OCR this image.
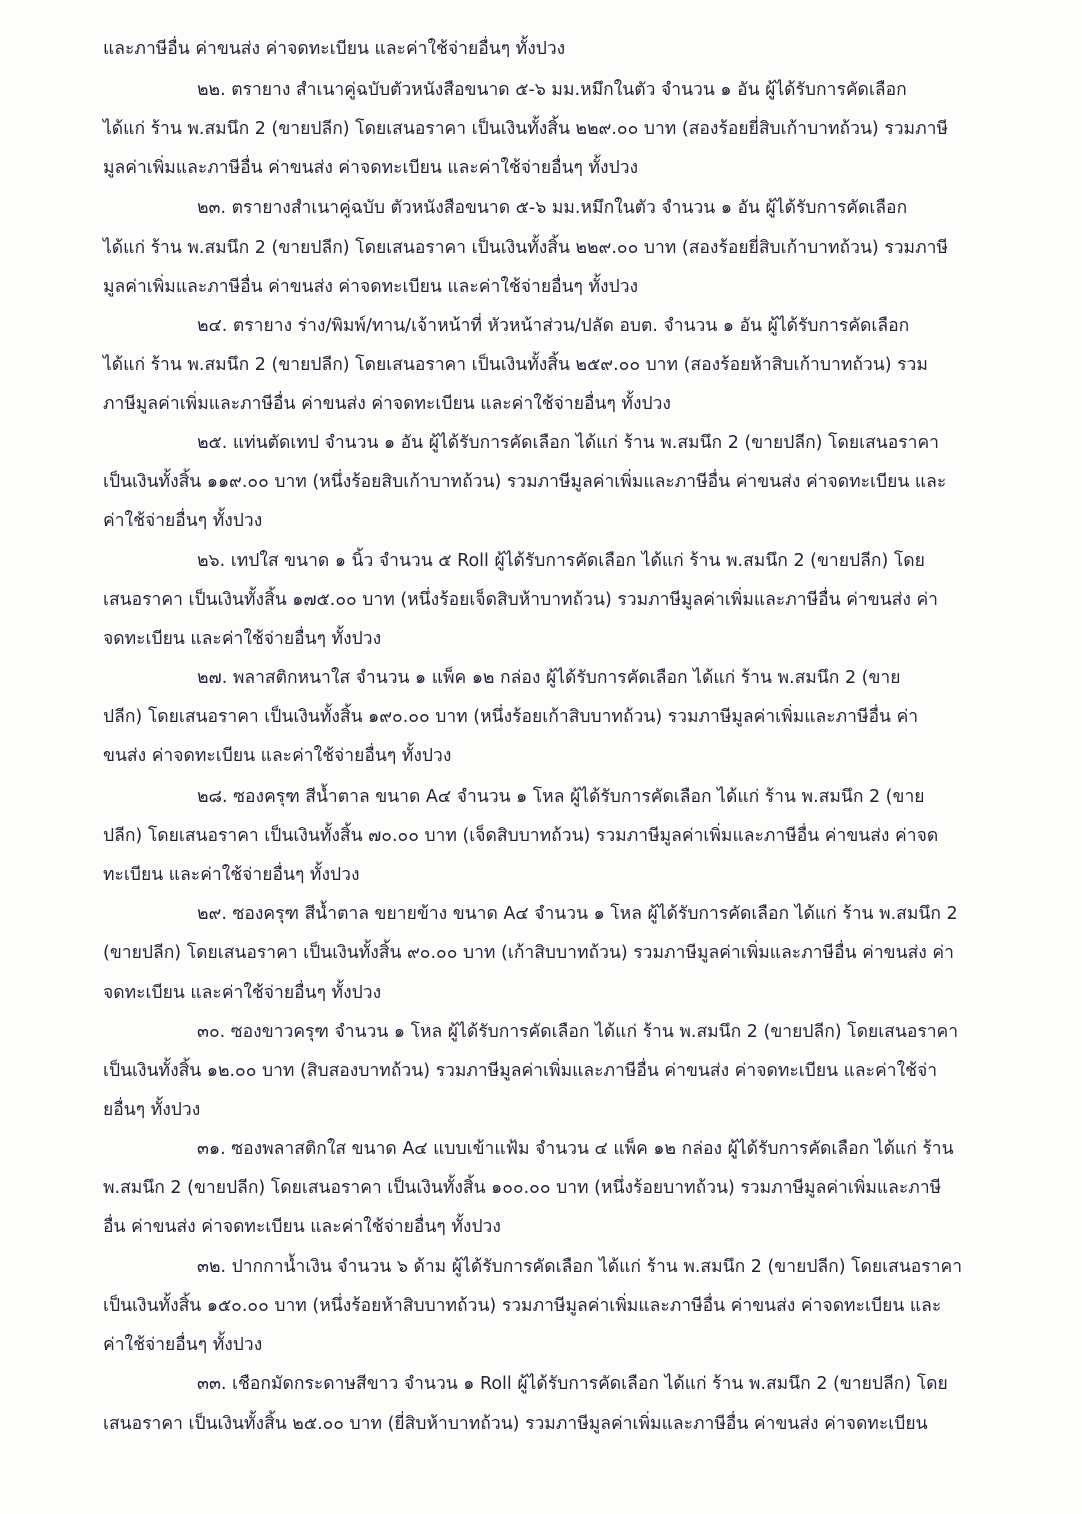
และภาษีอื่น ค่าขนส่ง ค่าจดทะเบียน และค่าใช้จ่ายอื่นๆ ทั้งปวง
๒๒. ตรายาง สำเนาคู่ฉบับตัวหนังสือขนาด ๕-๖ มม.หมึกในตัว จำนวน ๑ อัน ผู้ได้รับการคัดเลือก
ได้แก่ ร้าน พ.สมนึก 2 (ขายปลีก) โดยเสนอราคา เป็นเงินทั้งสิ้น ๒๒๙.๐๐ บาท (สองร้อยยี่สิบเก้าบาทถ้วน) รวมภาษี
มูลค่าเพิ่มและภาษีอื่น ค่าขนส่ง ค่าจดทะเบียน และค่าใช้จ่ายอื่นๆ ทั้งปวง
๒๓. ตรายางสำเนาคู่ฉบับ ตัวหนังสือขนาด ๕-๖ มม.หมึกในตัว จำนวน ๑ อัน ผู้ได้รับการคัดเลือก
ได้แก่ ร้าน พ.สมนึก 2 (ขายปลีก) โดยเสนอราคา เป็นเงินทั้งสิ้น ๒๒๙.๐๐ บาท (สองร้อยยี่สิบเก้าบาทถ้วน) รวมภาษี
มูลค่าเพิ่มและภาษีอื่น ค่าขนส่ง ค่าจดทะเบียน และค่าใช้จ่ายอื่นๆ ทั้งปวง
๒๔. ตรายาง ร่าง/พิมพ์/ทาน/เจ้าหน้าที่ หัวหน้าส่วน/ปลัด อบต. จำนวน ๑ อัน ผู้ได้รับการคัดเลือก
ได้แก่ ร้าน พ.สมนึก 2 (ขายปลีก) โดยเสนอราคา เป็นเงินทั้งสิ้น ๒๕๙.๐๐ บาท (สองร้อยห้าสิบเก้าบาทถ้วน) รวม
ภาษีมูลค่าเพิ่มและภาษีอื่น ค่าขนส่ง ค่าจดทะเบียน และค่าใช้จ่ายอื่นๆ ทั้งปวง
๒๕. แท่นตัดเทป จำนวน ๑ อัน ผู้ได้รับการคัดเลือก ได้แก่ ร้าน พ.สมนึก 2 (ขายปลีก) โดยเสนอราคา
เป็นเงินทั้งสิ้น ๑๑๙.๐๐ บาท (หนึ่งร้อยสิบเก้าบาทถ้วน) รวมภาษีมูลค่าเพิ่มและภาษีอื่น ค่าขนส่ง ค่าจดทะเบียน และ
ค่าใช้จ่ายอื่นๆ ทั้งปวง
๒๖. เทปใส ขนาด ๑ นิ้ว จำนวน ๕ Roll ผู้ได้รับการคัดเลือก ได้แก่ ร้าน พ.สมนึก 2 (ขายปลีก) โดย
เสนอราคา เป็นเงินทั้งสิ้น ๑๗๕.๐๐ บาท (หนึ่งร้อยเจ็ดสิบห้าบาทถ้วน) รวมภาษีมูลค่าเพิ่มและภาษีอื่น ค่าขนส่ง ค่า
จดทะเบียน และค่าใช้จ่ายอื่นๆ ทั้งปวง
๒๗. พลาสติกหนาใส จำนวน ๑ แพ็ค ๑๒ กล่อง ผู้ได้รับการคัดเลือก ได้แก่ ร้าน พ.สมนึก 2 (ขาย
ปลีก) โดยเสนอราคา เป็นเงินทั้งสิ้น ๑๙๐.๐๐ บาท (หนึ่งร้อยเก้าสิบบาทถ้วน) รวมภาษีมูลค่าเพิ่มและภาษีอื่น ค่า
ขนส่ง ค่าจดทะเบียน และค่าใช้จ่ายอื่นๆ ทั้งปวง
๒๘. ซองครุฑ สีน้ำตาล ขนาด A๔ จำนวน ๑ โหล ผู้ได้รับการคัดเลือก ได้แก่ ร้าน พ.สมนึก 2 (ขาย
ปลีก) โดยเสนอราคา เป็นเงินทั้งสิ้น ๗๐.๐๐ บาท (เจ็ดสิบบาทถ้วน) รวมภาษีมูลค่าเพิ่มและภาษีอื่น ค่าขนส่ง ค่าจด
ทะเบียน และค่าใช้จ่ายอื่นๆ ทั้งปวง
๒๙. ซองครุฑ สีน้ำตาล ขยายข้าง ขนาด A๔ จำนวน ๑ โหล ผู้ได้รับการคัดเลือก ได้แก่ ร้าน พ.สมนึก 2
(ขายปลีก) โดยเสนอราคา เป็นเงินทั้งสิ้น ๙๐.๐๐ บาท (เก้าสิบบาทถ้วน) รวมภาษีมูลค่าเพิ่มและภาษีอื่น ค่าขนส่ง ค่า
จดทะเบียน และค่าใช้จ่ายอื่นๆ ทั้งปวง
๓๐. ซองขาวครุฑ จำนวน ๑ โหล ผู้ได้รับการคัดเลือก ได้แก่ ร้าน พ.สมนึก 2 (ขายปลีก) โดยเสนอราคา
เป็นเงินทั้งสิ้น ๑๒.๐๐ บาท (สิบสองบาทถ้วน) รวมภาษีมูลค่าเพิ่มและภาษีอื่น ค่าขนส่ง ค่าจดทะเบียน และค่าใช้จ่า
ยอื่นๆ ทั้งปวง
๓๑. ซองพลาสติกใส ขนาด A๔ แบบเข้าแฟ้ม จำนวน ๔ แพ็ค ๑๒ กล่อง ผู้ได้รับการคัดเลือก ได้แก่ ร้าน
พ.สมนึก 2 (ขายปลีก) โดยเสนอราคา เป็นเงินทั้งสิ้น ๑๐๐.๐๐ บาท (หนึ่งร้อยบาทถ้วน) รวมภาษีมูลค่าเพิ่มและภาษี
อื่น ค่าขนส่ง ค่าจดทะเบียน และค่าใช้จ่ายอื่นๆ ทั้งปวง
๓๒. ปากกาน้ำเงิน จำนวน ๖ ด้าม ผู้ได้รับการคัดเลือก ได้แก่ ร้าน พ.สมนึก 2 (ขายปลีก) โดยเสนอราคา
เป็นเงินทั้งสิ้น ๑๕๐.๐๐ บาท (หนึ่งร้อยห้าสิบบาทถ้วน) รวมภาษีมูลค่าเพิ่มและภาษีอื่น ค่าขนส่ง ค่าจดทะเบียน และ
ค่าใช้จ่ายอื่นๆ ทั้งปวง
๓๓. เชือกมัดกระดาษสีขาว จำนวน ๑ Roll ผู้ได้รับการคัดเลือก ได้แก่ ร้าน พ.สมนึก 2 (ขายปลีก) โดย
เสนอราคา เป็นเงินทั้งสิ้น ๒๕.๐๐ บาท (ยี่สิบห้าบาทถ้วน) รวมภาษีมูลค่าเพิ่มและภาษีอื่น ค่าขนส่ง ค่าจดทะเบียน
